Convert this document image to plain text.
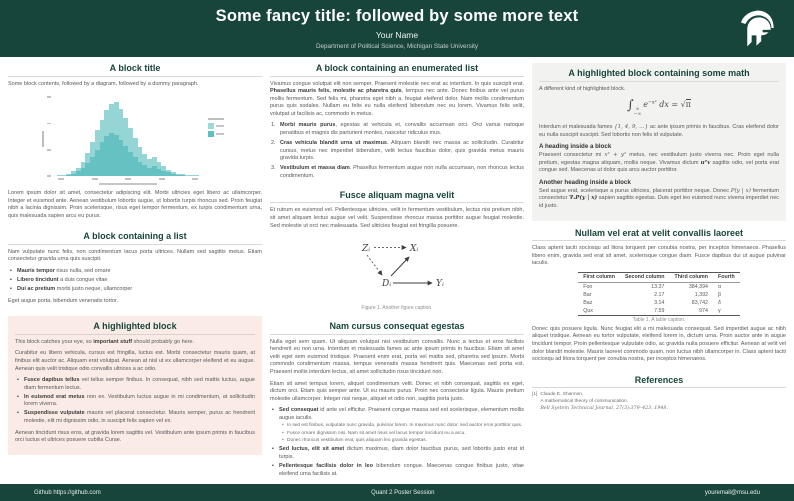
Some fancy title: followed by some more text
Your Name
Department of Political Science, Michigan State University
A block title

Some block contents, followed by a diagram, followed by a dummy paragraph.

Lorem ipsum dolor sit amet, consectetur adipiscing elit. Morbi ultricies eget libero ac ullamcorper. Integer et euismod ante. Aenean vestibulum lobortis augue, ut lobortis turpis rhoncus sed. Proin feugiat nibh a lacinia dignissim. Proin scelerisque, risus eget tempor fermentum, ex turpis condimentum urna, quis malesuada sapien arcu eu purus.

A block containing a list

Nam vulputate nunc felis, non condimentum lacus porta ultrices. Nullam sed sagittis metus. Etiam consectetur gravida urna quis suscipit.

▪ Mauris tempor risus nulla, sed ornare
▪ Libero tincidunt a duis congue vitae
▪ Dui ac pretium morbi justo neque, ullamcorper

Eget augue porta, bibendum venenatis tortor.

A highlighted block

This block catches your eye, so important stuff should probably go here.

Curabitur eu libero vehicula, cursus est fringilla, luctus est. Morbi consectetur mauris quam, at finibus elit auctor ac. Aliquam erat volutpat. Aenean at nisl ut ex ullamcorper eleifend et eu augue. Aenean quis velit tristique odio convallis ultrices a ac odio.

▪ Fusce dapibus tellus vel tellus semper finibus. In consequat, nibh sed mattis luctus, augue diam fermentum lectus.
▪ In euismod erat metus non ex. Vestibulum luctus augue in mi condimentum, at sollicitudin lorem viverra.
▪ Suspendisse vulputate mauris vel placerat consectetur. Mauris semper, purus ac hendrerit molestie, elit mi dignissim odio, in suscipit felis sapien vel ex.

Aenean tincidunt risus eros, at gravida lorem sagittis vel. Vestibulum ante ipsum primis in faucibus orci luctus et ultrices posuere cubilia Curae.

A block containing an enumerated list

Vivamus congue volutpat elit non semper. Praesent molestie nec erat ac interdum. In quis suscipit erat. Phasellus mauris felis, molestie ac pharetra quis, tempus nec ante. Donec finibus ante vel purus mollis fermentum. Sed felis mi, pharetra eget nibh a, feugiat eleifend dolor. Nam mollis condimentum purus quis sodales. Nullam eu felis eu nulla eleifend bibendum nec eu lorem. Vivamus felis velit, volutpat ut facilisis ac, commodo in metus.

1. Morbi mauris purus, egestas at vehicula et, convallis accumsan orci. Orci varius natoque penatibus et magnis dis parturient montes, nascetur ridiculus mus.
2. Cras vehicula blandit urna ut maximus. Aliquam blandit nec massa ac sollicitudin. Curabitur cursus, metus nec imperdiet bibendum, velit lectus faucibus dolor, quis gravida metus mauris gravida turpis.
3. Vestibulum et massa diam. Phasellus fermentum augue non nulla accumsan, non rhoncus lectus condimentum.
Fusce aliquam magna velit

Et rutrum ex euismod vel. Pellentesque ultricies, velit in fermentum vestibulum, lectus nisi pretium nibh, sit amet aliquam lectus augue vel velit. Suspendisse rhoncus massa porttitor augue feugiat molestie. Sed molestie ut orci nec malesuada. Sed ultricies feugiat est fringilla posuere.

Zᵢ	Xᵢ
Dᵢ	Yᵢ
Figure 1. Another figure caption.
Nam cursus consequat egestas

Nulla eget sem quam. Ut aliquam volutpat nisi vestibulum convallis. Nunc a lectus et eros facilisis hendrerit eu non urna. Interdum et malesuada fames ac ante ipsum primis in faucibus. Etiam sit amet velit eget sem euismod tristique. Praesent enim erat, porta vel mattis sed, pharetra sed ipsum. Morbi commodo condimentum massa, tempus venenatis massa hendrerit quis. Maecenas sed porta est. Praesent mollis interdum lectus, sit amet sollicitudin risus tincidunt non.

Etiam sit amet tempus lorem, aliquet condimentum velit. Donec et nibh consequat, sagittis ex eget, dictum orci. Etiam quis semper ante. Ut eu mauris purus. Proin nec consectetur ligula. Mauris pretium molestie ullamcorper. Integer nisi neque, aliquet et odio non, sagittis porta justo.

▪ Sed consequat id ante vel efficitur. Praesent congue massa sed est scelerisque, elementum mollis augue iaculis.
• In sed est finibus, vulputate nunc gravida, pulvinar lorem. In maximus nunc dolor, sed auctor eros porttitor quis.
• Fusce ornare dignissim nisi. Nam sit amet risus vel lacus tempor tincidunt eu a arcu.
• Donec rhoncus vestibulum erat, quis aliquam leo gravida egestas.
▪ Sed luctus, elit sit amet dictum maximus, diam dolor faucibus purus, sed lobortis justo erat id turpis.
▪ Pellentesque facilisis dolor in leo bibendum congue. Maecenas congue finibus justo, vitae eleifend urna facilisis at.
A highlighted block containing some math

A different kind of highlighted block.

∫ ∞
−∞
$e^{-x^2}$ dx = √π

Interdum et malesuada fames {1, 4, 9, …} ac ante ipsum primis in faucibus. Cras eleifend dolor eu nulla suscipit suscipit. Sed lobortis non felis id vulputate.

A heading inside a block

Praesent consectetur mi x² + y² metus, nec vestibulum justo viverra nec. Proin eget nulla pretium, egestas magna aliquam, mollis neque. Vivamus dictum uᵀv sagittis odio, vel porta erat congue sed. Maecenas ut dolor quis arcu auctor porttitor.

Another heading inside a block

Sed augue erat, scelerisque a purus ultricies, placerat porttitor neque. Donec P(y | x) fermentum consectetur ∇ₓP(y | x) sapien sagittis egestas. Duis eget leo euismod nunc viverra imperdiet nec id justo.

Nullam vel erat at velit convallis laoreet

Class aptent taciti sociosqu ad litora torquent per conubia nostra, per inceptos himenaeos. Phasellus libero enim, gravida sed erat sit amet, scelerisque congue diam. Fusce dapibus dui ut augue pulvinar iaculis.

First column	Second column	Third column	Fourth
Foo	13.37	384,394	α
Bar	2.17	1,392	β
Baz	3.14	83,742	δ
Qux	7.59	974	γ
Table 1. A table caption.

Donec quis posuere ligula. Nunc feugiat elit a mi malesuada consequat. Sed imperdiet augue ac nibh aliquet tristique. Aenean eu tortor vulputate, eleifend lorem in, dictum urna. Proin auctor ante in augue tincidunt tempor. Proin pellentesque vulputate odio, ac gravida nulla posuere efficitur. Aenean at velit vel dolor blandit molestie. Mauris laoreet commodo quam, non luctus nibh ullamcorper in. Class aptent taciti sociosqu ad litora torquent per conubia nostra, per inceptos himenaeos.

References
[1] Claude E. Shannon.
A mathematical theory of communication.
Bell System Technical Journal, 27(3):379–423, 1948.
Github https://github.com	Quant 2 Poster Session	youremail@msu.edu
